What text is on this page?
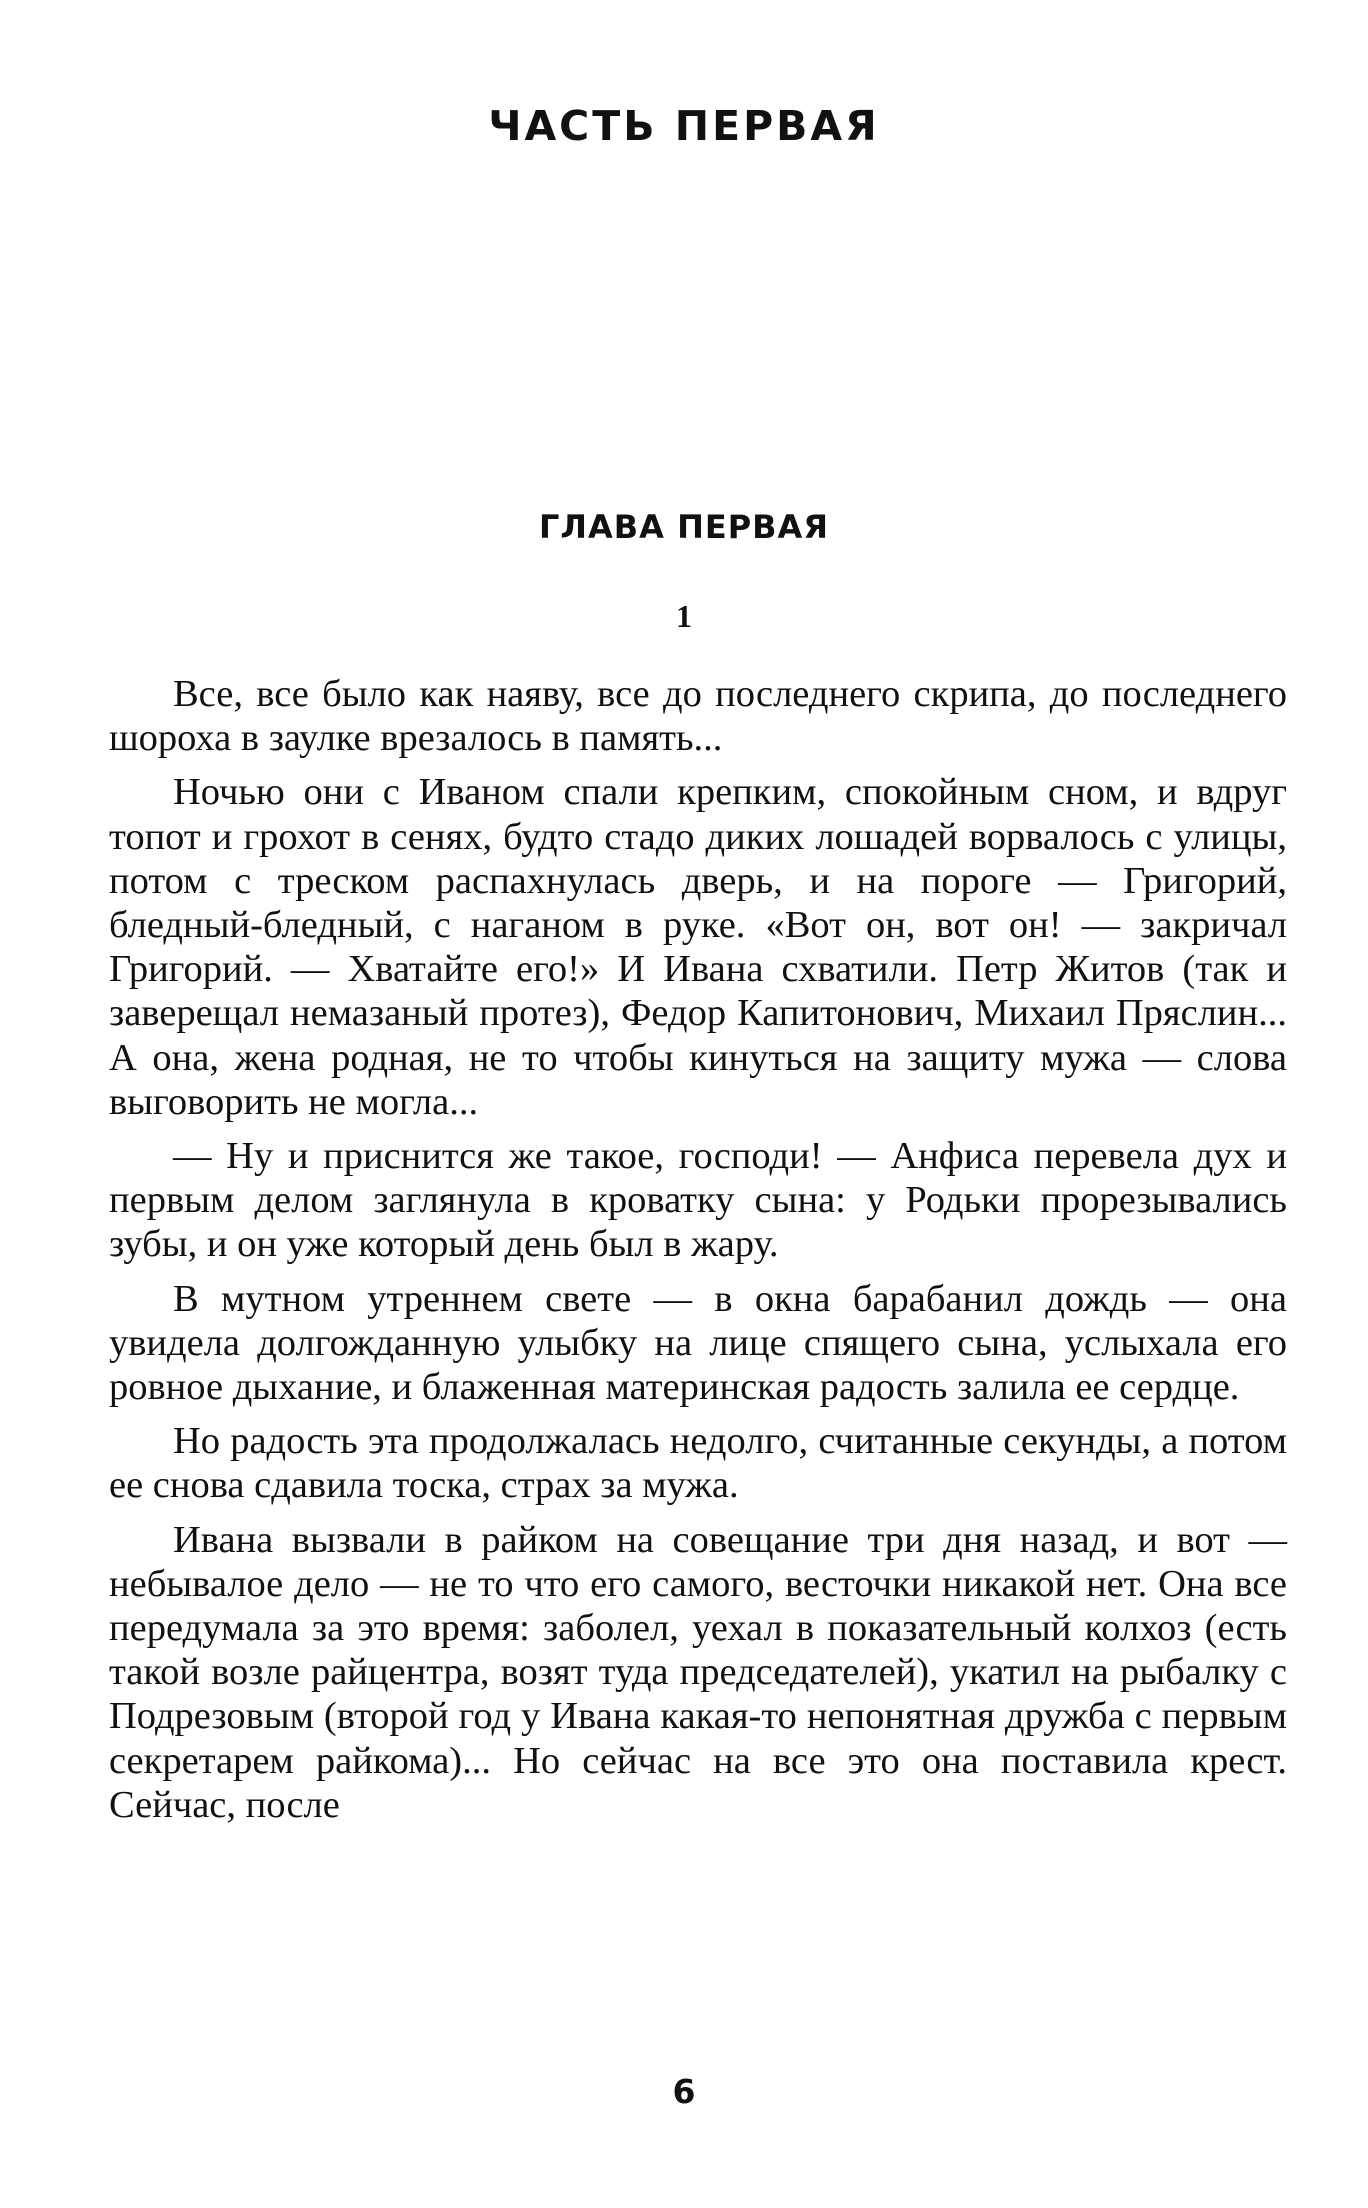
ЧАСТЬ ПЕРВАЯ
ГЛАВА ПЕРВАЯ
1

Все, все было как наяву, все до последнего скрипа, до последнего шороха в заулке врезалось в память...

Ночью они с Иваном спали крепким, спокойным сном, и вдруг топот и грохот в сенях, будто стадо диких лошадей ворвалось с улицы, потом с треском распахнулась дверь, и на пороге — Григорий, бледный-бледный, с наганом в руке. «Вот он, вот он! — закричал Григорий. — Хватайте его!» И Ивана схватили. Петр Житов (так и заверещал немазаный протез), Федор Капитонович, Михаил Пряслин... А она, жена родная, не то чтобы кинуться на защиту мужа — слова выговорить не могла...

— Ну и приснится же такое, господи! — Анфиса перевела дух и первым делом заглянула в кроватку сына: у Родьки прорезывались зубы, и он уже который день был в жару.

В мутном утреннем свете — в окна барабанил дождь — она увидела долгожданную улыбку на лице спящего сына, услыхала его ровное дыхание, и блаженная материнская радость залила ее сердце.

Но радость эта продолжалась недолго, считанные секунды, а потом ее снова сдавила тоска, страх за мужа.

Ивана вызвали в райком на совещание три дня назад, и вот — небывалое дело — не то что его самого, весточки никакой нет. Она все передумала за это время: заболел, уехал в показательный колхоз (есть такой возле райцентра, возят туда председателей), укатил на рыбалку с Подрезовым (второй год у Ивана какая-то непонятная дружба с первым секретарем райкома)... Но сейчас на все это она поставила крест. Сейчас, после

6
